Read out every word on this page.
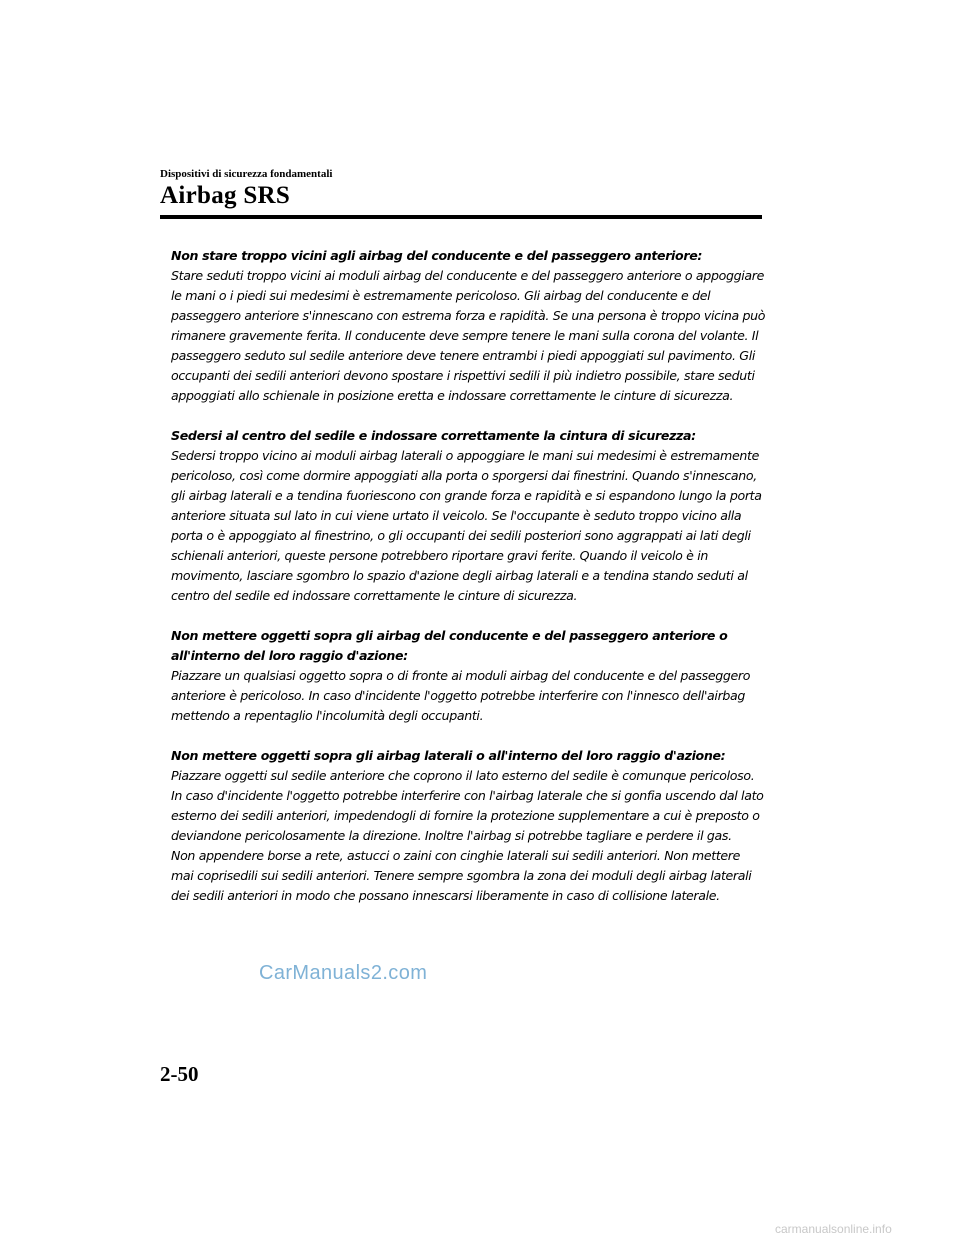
Dispositivi di sicurezza fondamentali
Airbag SRS

Non stare troppo vicini agli airbag del conducente e del passeggero anteriore:

Stare seduti troppo vicini ai moduli airbag del conducente e del passeggero anteriore o appoggiare le mani o i piedi sui medesimi è estremamente pericoloso. Gli airbag del conducente e del passeggero anteriore s'innescano con estrema forza e rapidità. Se una persona è troppo vicina può rimanere gravemente ferita. Il conducente deve sempre tenere le mani sulla corona del volante. Il passeggero seduto sul sedile anteriore deve tenere entrambi i piedi appoggiati sul pavimento. Gli occupanti dei sedili anteriori devono spostare i rispettivi sedili il più indietro possibile, stare seduti appoggiati allo schienale in posizione eretta e indossare correttamente le cinture di sicurezza.

Sedersi al centro del sedile e indossare correttamente la cintura di sicurezza:

Sedersi troppo vicino ai moduli airbag laterali o appoggiare le mani sui medesimi è estremamente pericoloso, così come dormire appoggiati alla porta o sporgersi dai finestrini. Quando s'innescano, gli airbag laterali e a tendina fuoriescono con grande forza e rapidità e si espandono lungo la porta anteriore situata sul lato in cui viene urtato il veicolo. Se l'occupante è seduto troppo vicino alla porta o è appoggiato al finestrino, o gli occupanti dei sedili posteriori sono aggrappati ai lati degli schienali anteriori, queste persone potrebbero riportare gravi ferite. Quando il veicolo è in movimento, lasciare sgombro lo spazio d'azione degli airbag laterali e a tendina stando seduti al centro del sedile ed indossare correttamente le cinture di sicurezza.

Non mettere oggetti sopra gli airbag del conducente e del passeggero anteriore o all'interno del loro raggio d'azione:

Piazzare un qualsiasi oggetto sopra o di fronte ai moduli airbag del conducente e del passeggero anteriore è pericoloso. In caso d'incidente l'oggetto potrebbe interferire con l'innesco dell'airbag mettendo a repentaglio l'incolumità degli occupanti.

Non mettere oggetti sopra gli airbag laterali o all'interno del loro raggio d'azione:

Piazzare oggetti sul sedile anteriore che coprono il lato esterno del sedile è comunque pericoloso. In caso d'incidente l'oggetto potrebbe interferire con l'airbag laterale che si gonfia uscendo dal lato esterno dei sedili anteriori, impedendogli di fornire la protezione supplementare a cui è preposto o deviandone pericolosamente la direzione. Inoltre l'airbag si potrebbe tagliare e perdere il gas.

Non appendere borse a rete, astucci o zaini con cinghie laterali sui sedili anteriori. Non mettere mai coprisedili sui sedili anteriori. Tenere sempre sgombra la zona dei moduli degli airbag laterali dei sedili anteriori in modo che possano innescarsi liberamente in caso di collisione laterale.

CarManuals2.com
2-50
carmanualsonline.info
